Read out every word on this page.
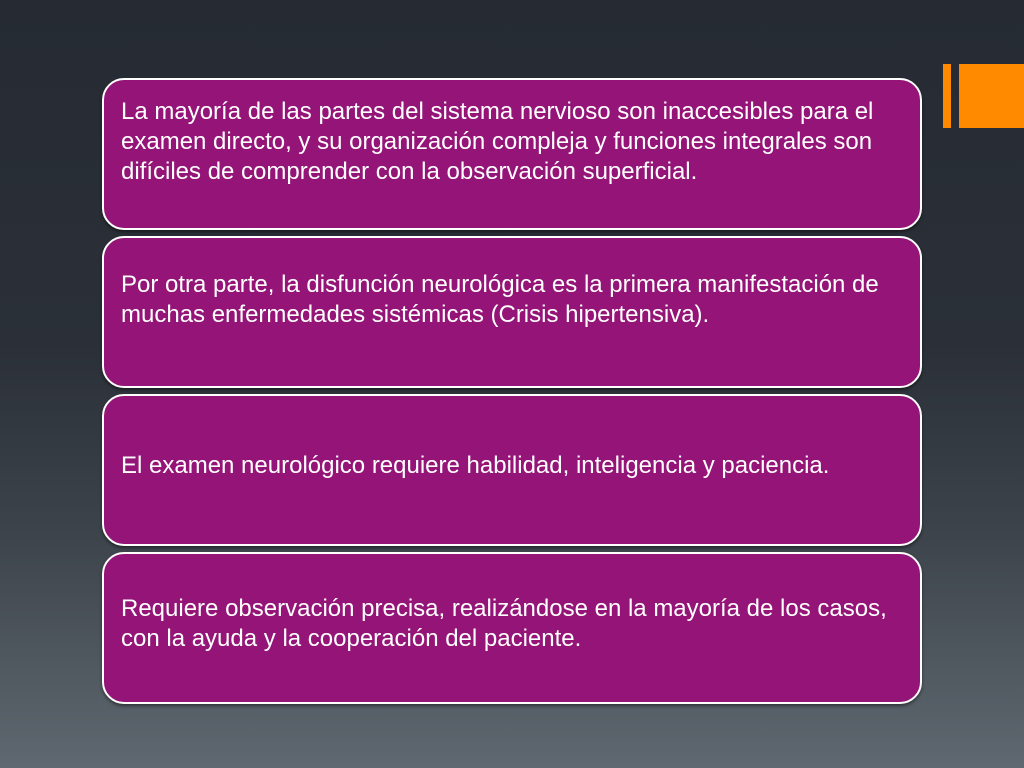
La mayoría de las partes del sistema nervioso son inaccesibles para el examen directo, y su organización compleja y funciones integrales son difíciles de comprender con la observación superficial.

Por otra parte, la disfunción neurológica es la primera manifestación de muchas enfermedades sistémicas (Crisis hipertensiva).

El examen neurológico requiere habilidad, inteligencia y paciencia.

Requiere observación precisa, realizándose en la mayoría de los casos, con la ayuda y la cooperación del paciente.
